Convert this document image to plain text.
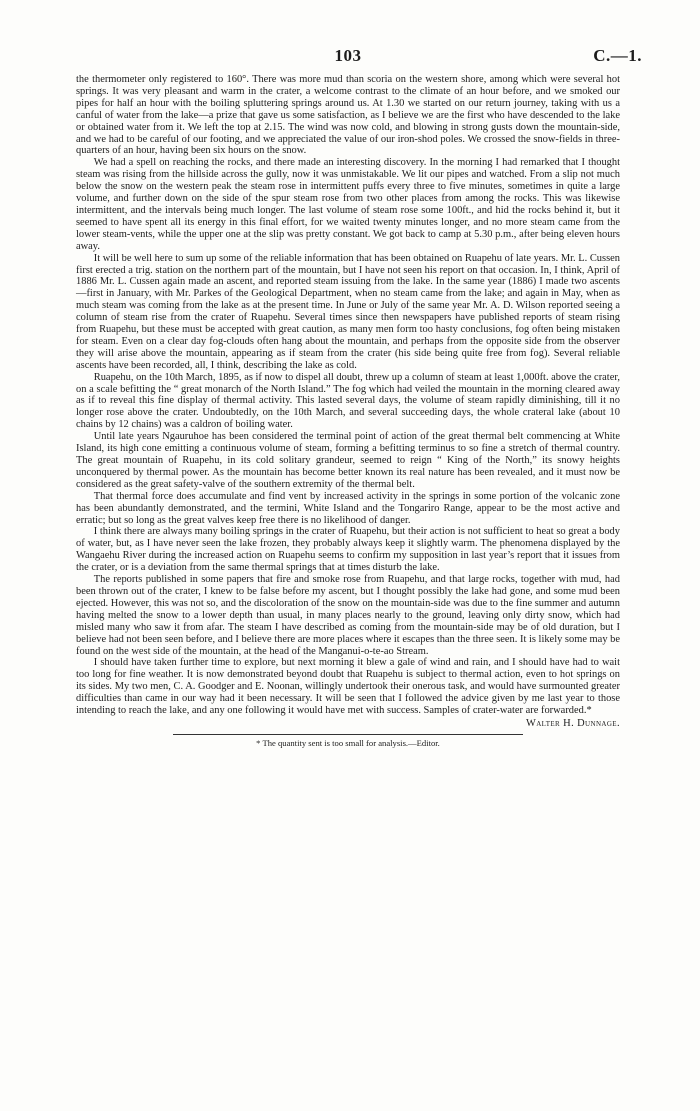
103	C.—1.

the thermometer only registered to 160°. There was more mud than scoria on the western shore, among which were several hot springs. It was very pleasant and warm in the crater, a welcome contrast to the climate of an hour before, and we smoked our pipes for half an hour with the boiling spluttering springs around us. At 1.30 we started on our return journey, taking with us a canful of water from the lake—a prize that gave us some satisfaction, as I believe we are the first who have descended to the lake or obtained water from it. We left the top at 2.15. The wind was now cold, and blowing in strong gusts down the mountain-side, and we had to be careful of our footing, and we appreciated the value of our iron-shod poles. We crossed the snow-fields in three-quarters of an hour, having been six hours on the snow.

We had a spell on reaching the rocks, and there made an interesting discovery. In the morning I had remarked that I thought steam was rising from the hillside across the gully, now it was unmistakable. We lit our pipes and watched. From a slip not much below the snow on the western peak the steam rose in intermittent puffs every three to five minutes, sometimes in quite a large volume, and further down on the side of the spur steam rose from two other places from among the rocks. This was likewise intermittent, and the intervals being much longer. The last volume of steam rose some 100ft., and hid the rocks behind it, but it seemed to have spent all its energy in this final effort, for we waited twenty minutes longer, and no more steam came from the lower steam-vents, while the upper one at the slip was pretty constant. We got back to camp at 5.30 p.m., after being eleven hours away.

It will be well here to sum up some of the reliable information that has been obtained on Ruapehu of late years. Mr. L. Cussen first erected a trig. station on the northern part of the mountain, but I have not seen his report on that occasion. In, I think, April of 1886 Mr. L. Cussen again made an ascent, and reported steam issuing from the lake. In the same year (1886) I made two ascents—first in January, with Mr. Parkes of the Geological Department, when no steam came from the lake; and again in May, when as much steam was coming from the lake as at the present time. In June or July of the same year Mr. A. D. Wilson reported seeing a column of steam rise from the crater of Ruapehu. Several times since then newspapers have published reports of steam rising from Ruapehu, but these must be accepted with great caution, as many men form too hasty conclusions, fog often being mistaken for steam. Even on a clear day fog-clouds often hang about the mountain, and perhaps from the opposite side from the observer they will arise above the mountain, appearing as if steam from the crater (his side being quite free from fog). Several reliable ascents have been recorded, all, I think, describing the lake as cold.

Ruapehu, on the 10th March, 1895, as if now to dispel all doubt, threw up a column of steam at least 1,000ft. above the crater, on a scale befitting the “ great monarch of the North Island.” The fog which had veiled the mountain in the morning cleared away as if to reveal this fine display of thermal activity. This lasted several days, the volume of steam rapidly diminishing, till it no longer rose above the crater. Undoubtedly, on the 10th March, and several succeeding days, the whole crateral lake (about 10 chains by 12 chains) was a caldron of boiling water.

Until late years Ngauruhoe has been considered the terminal point of action of the great thermal belt commencing at White Island, its high cone emitting a continuous volume of steam, forming a befitting terminus to so fine a stretch of thermal country. The great mountain of Ruapehu, in its cold solitary grandeur, seemed to reign “ King of the North,” its snowy heights unconquered by thermal power. As the mountain has become better known its real nature has been revealed, and it must now be considered as the great safety-valve of the southern extremity of the thermal belt.

That thermal force does accumulate and find vent by increased activity in the springs in some portion of the volcanic zone has been abundantly demonstrated, and the termini, White Island and the Tongariro Range, appear to be the most active and erratic; but so long as the great valves keep free there is no likelihood of danger.

I think there are always many boiling springs in the crater of Ruapehu, but their action is not sufficient to heat so great a body of water, but, as I have never seen the lake frozen, they probably always keep it slightly warm. The phenomena displayed by the Wangaehu River during the increased action on Ruapehu seems to confirm my supposition in last year’s report that it issues from the crater, or is a deviation from the same thermal springs that at times disturb the lake.

The reports published in some papers that fire and smoke rose from Ruapehu, and that large rocks, together with mud, had been thrown out of the crater, I knew to be false before my ascent, but I thought possibly the lake had gone, and some mud been ejected. However, this was not so, and the discoloration of the snow on the mountain-side was due to the fine summer and autumn having melted the snow to a lower depth than usual, in many places nearly to the ground, leaving only dirty snow, which had misled many who saw it from afar. The steam I have described as coming from the mountain-side may be of old duration, but I believe had not been seen before, and I believe there are more places where it escapes than the three seen. It is likely some may be found on the west side of the mountain, at the head of the Manganui-o-te-ao Stream.

I should have taken further time to explore, but next morning it blew a gale of wind and rain, and I should have had to wait too long for fine weather. It is now demonstrated beyond doubt that Ruapehu is subject to thermal action, even to hot springs on its sides. My two men, C. A. Goodger and E. Noonan, willingly undertook their onerous task, and would have surmounted greater difficulties than came in our way had it been necessary. It will be seen that I followed the advice given by me last year to those intending to reach the lake, and any one following it would have met with success. Samples of crater-water are forwarded.*

Walter H. Dunnage.
* The quantity sent is too small for analysis.—Editor.
